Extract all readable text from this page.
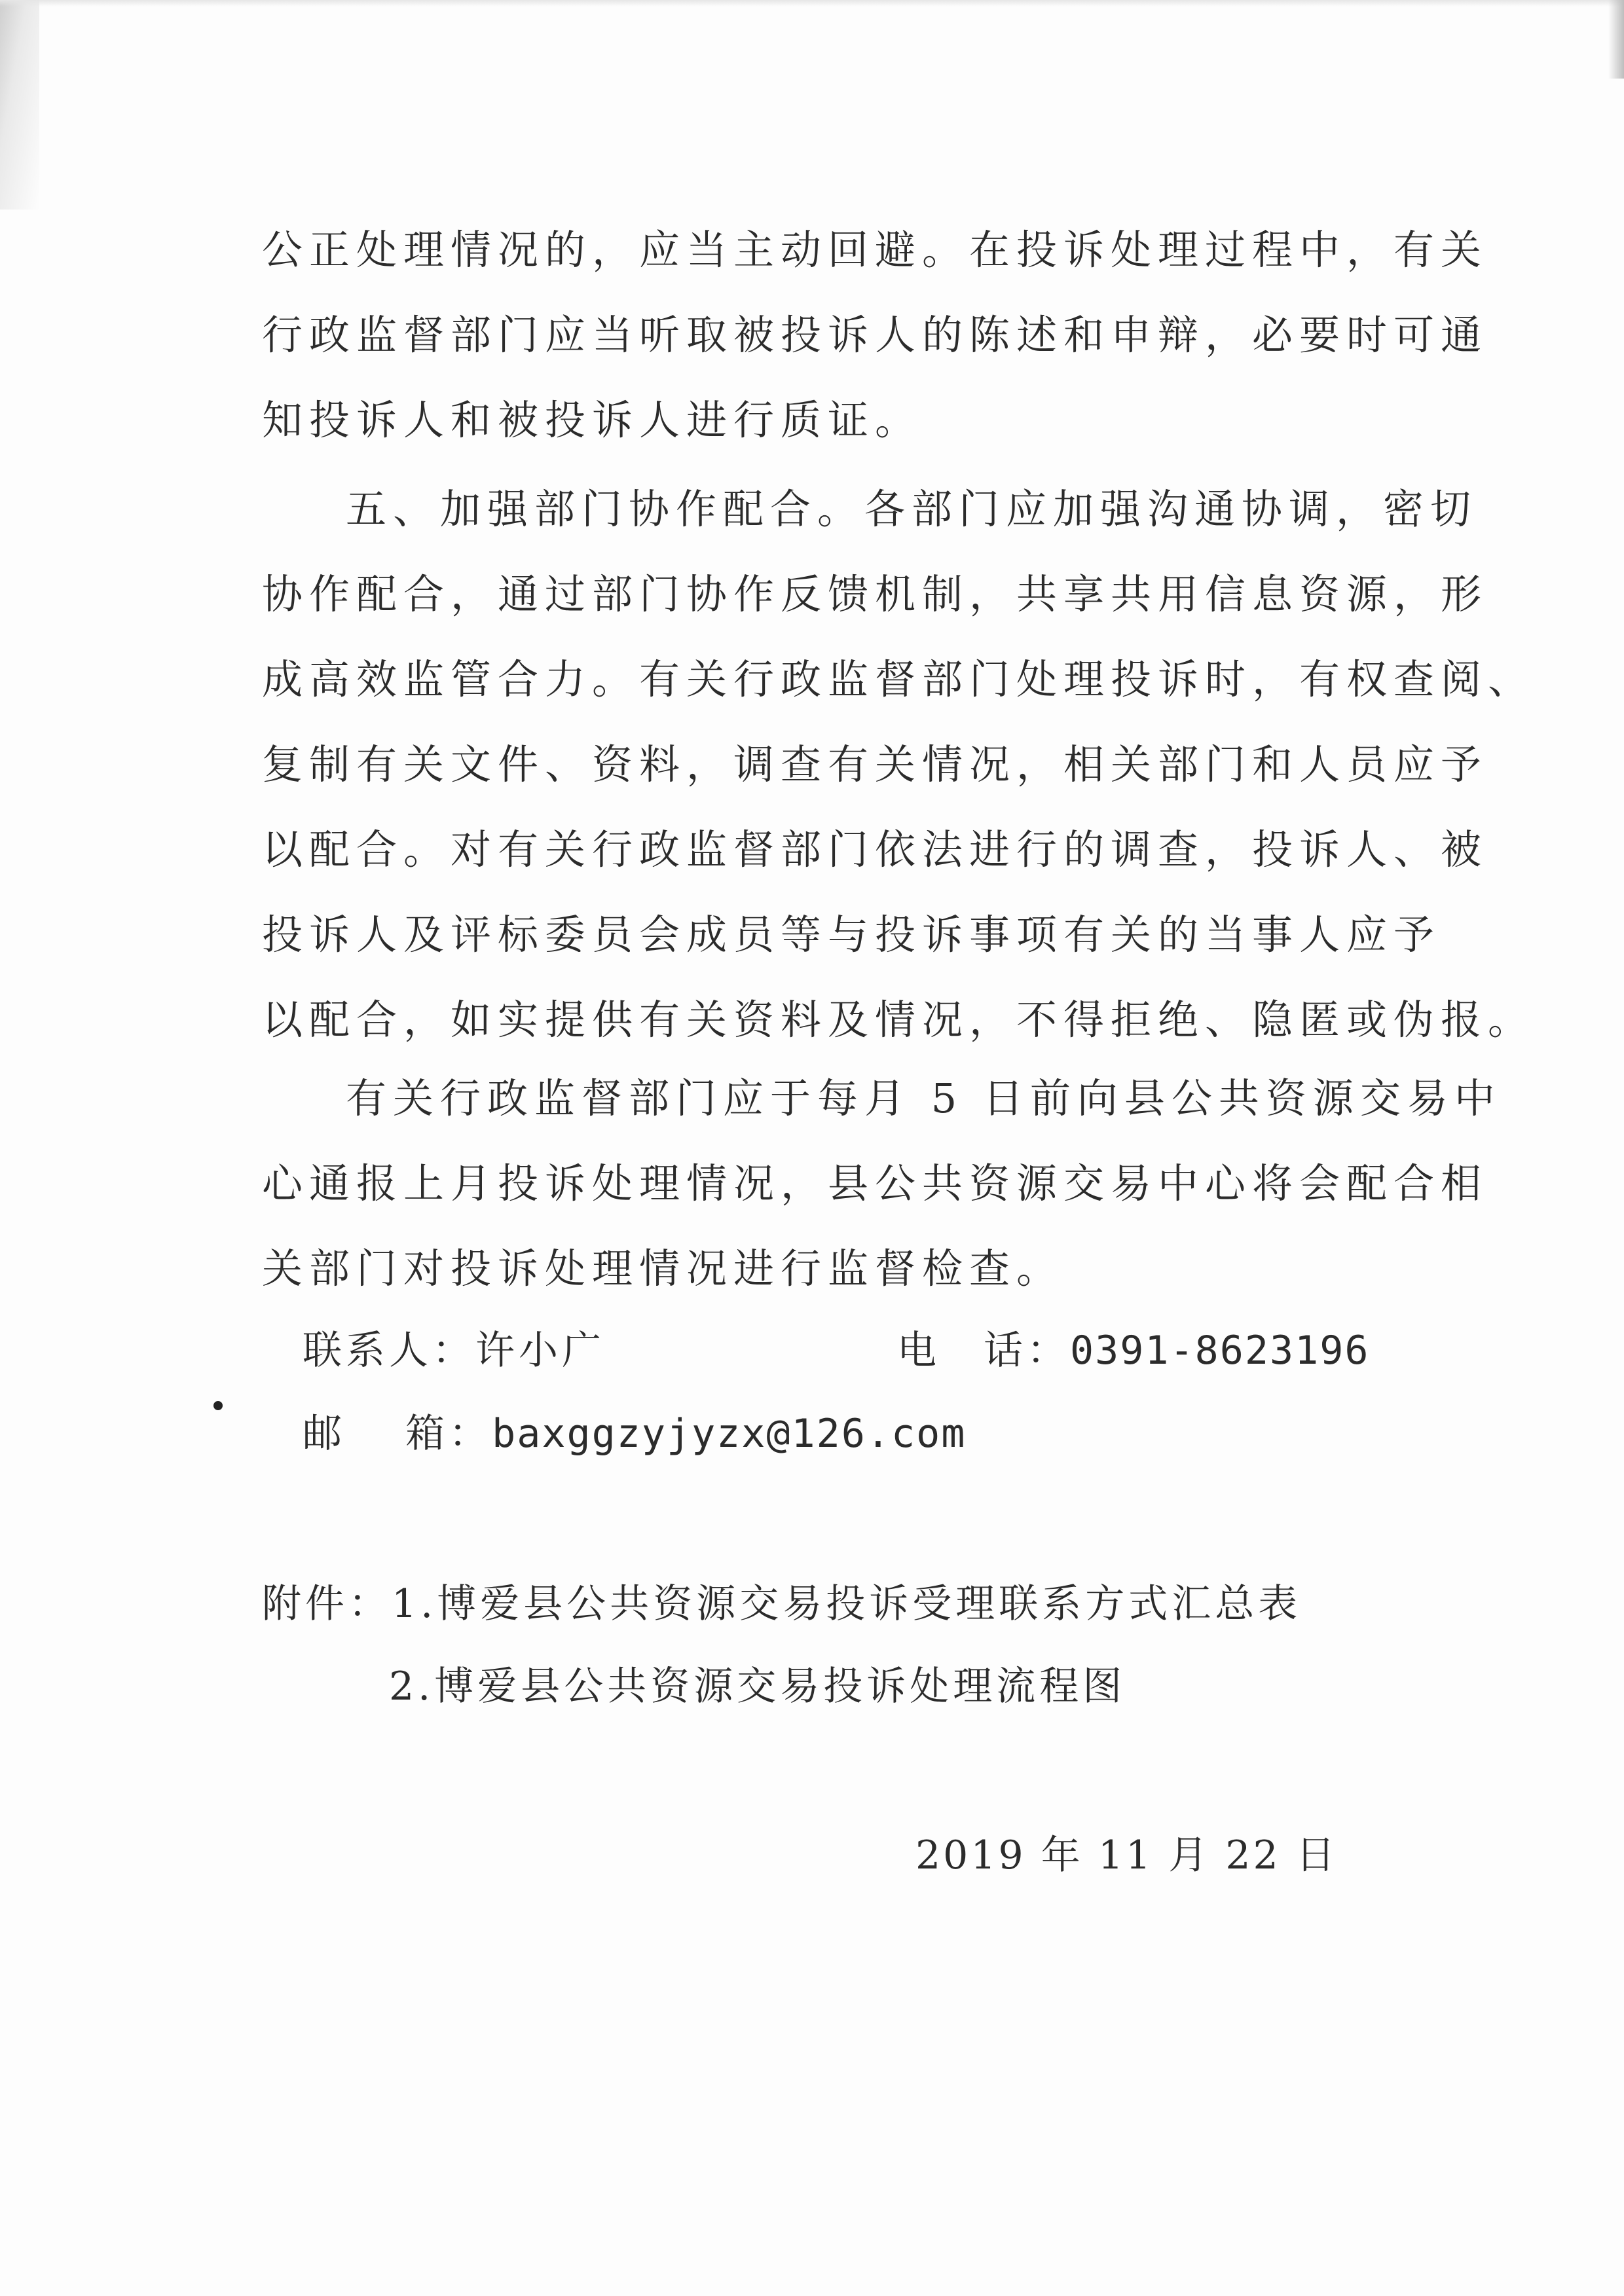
公正处理情况的，应当主动回避。在投诉处理过程中，有关
行政监督部门应当听取被投诉人的陈述和申辩，必要时可通
知投诉人和被投诉人进行质证。
五、加强部门协作配合。各部门应加强沟通协调，密切
协作配合，通过部门协作反馈机制，共享共用信息资源，形
成高效监管合力。有关行政监督部门处理投诉时，有权查阅、
复制有关文件、资料，调查有关情况，相关部门和人员应予
以配合。对有关行政监督部门依法进行的调查，投诉人、被
投诉人及评标委员会成员等与投诉事项有关的当事人应予
以配合，如实提供有关资料及情况，不得拒绝、隐匿或伪报。
有关行政监督部门应于每月 5 日前向县公共资源交易中
心通报上月投诉处理情况，县公共资源交易中心将会配合相
关部门对投诉处理情况进行监督检查。
联系人：许小广	电　话：0391-8623196
邮　 箱：baxggzyjyzx@126.com
附件：1.博爱县公共资源交易投诉受理联系方式汇总表
2.博爱县公共资源交易投诉处理流程图
2019 年 11 月 22 日
